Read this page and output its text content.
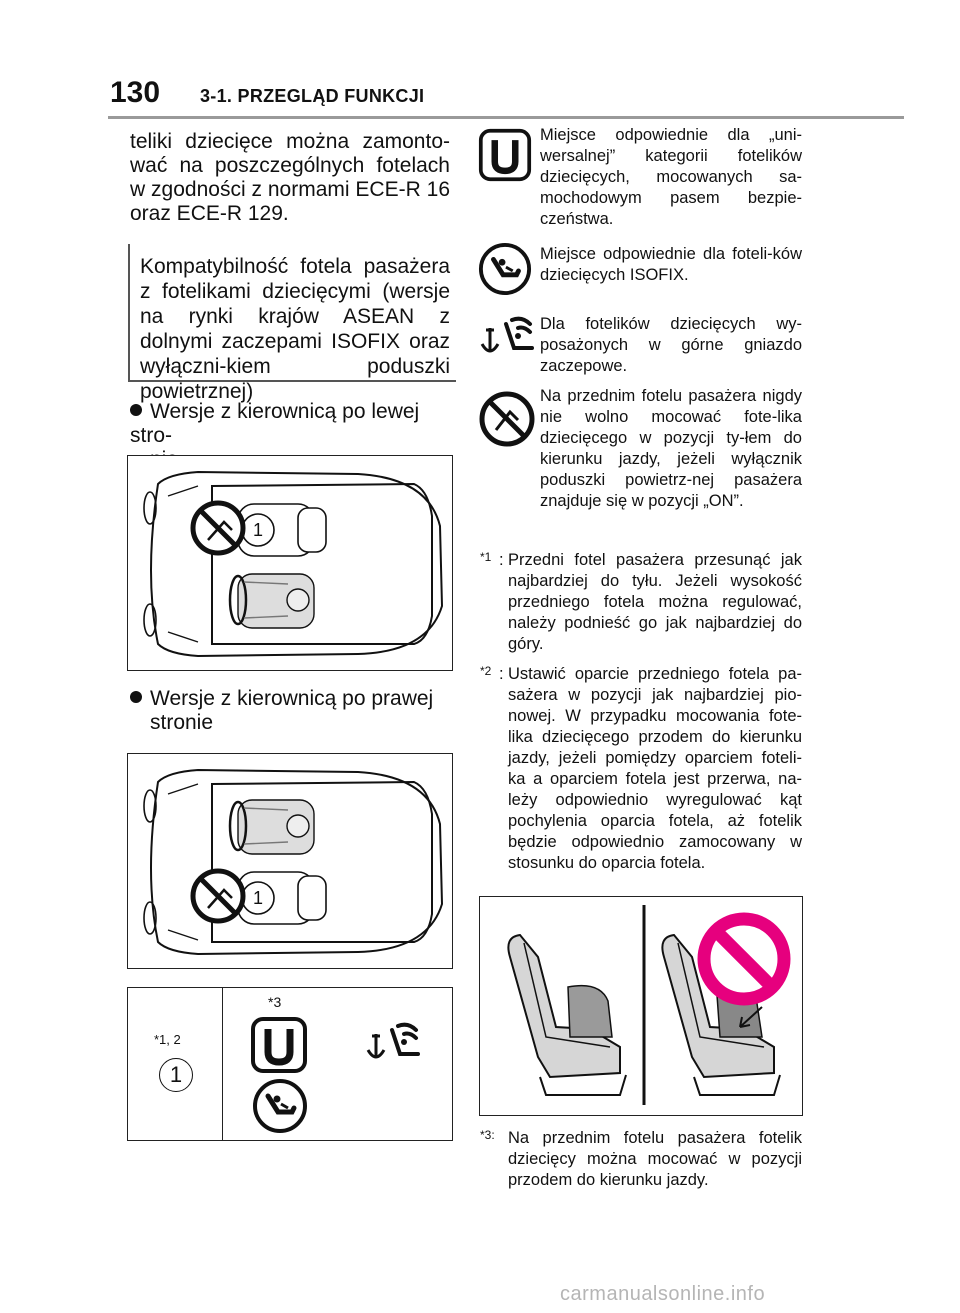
130 3-1. PRZEGLĄD FUNKCJI
teliki dziecięce można zamonto-wać na poszczególnych fotelach w zgodności z normami ECE-R 16 oraz ECE-R 129.
Kompatybilność fotela pasażera z fotelikami dziecięcymi (wersje na rynki krajów ASEAN z dolnymi zaczepami ISOFIX oraz wyłączni-kiem poduszki powietrznej)
Wersje z kierownicą po lewej stro-
1
Wersje z kierownicą po prawej
stronie
1
*1, 2
1
*3
Miejsce odpowiednie dla „uni-wersalnej” kategorii fotelików dziecięcych, mocowanych sa-mochodowym pasem bezpie-czeństwa.
Miejsce odpowiednie dla foteli-ków dziecięcych ISOFIX.
Dla fotelików dziecięcych wy-posażonych w górne gniazdo zaczepowe.
Na przednim fotelu pasażera nigdy nie wolno mocować fote-lika dziecięcego w pozycji ty-łem do kierunku jazdy, jeżeli wyłącznik poduszki powietrz-nej pasażera znajduje się w pozycji „ON”.
*1 : Przedni fotel pasażera przesunąć jak najbardziej do tyłu. Jeżeli wysokość przedniego fotela można regulować, należy podnieść go jak najbardziej do góry.
*2 : Ustawić oparcie przedniego fotela pa-sażera w pozycji jak najbardziej pio-nowej. W przypadku mocowania fote-lika dziecięcego przodem do kierunku jazdy, jeżeli pomiędzy oparciem foteli-ka a oparciem fotela jest przerwa, na-leży odpowiednio wyregulować kąt pochylenia oparcia fotela, aż fotelik będzie odpowiednio zamocowany w stosunku do oparcia fotela.
*3: Na przednim fotelu pasażera fotelik dziecięcy można mocować w pozycji przodem do kierunku jazdy.
carmanualsonline.info
